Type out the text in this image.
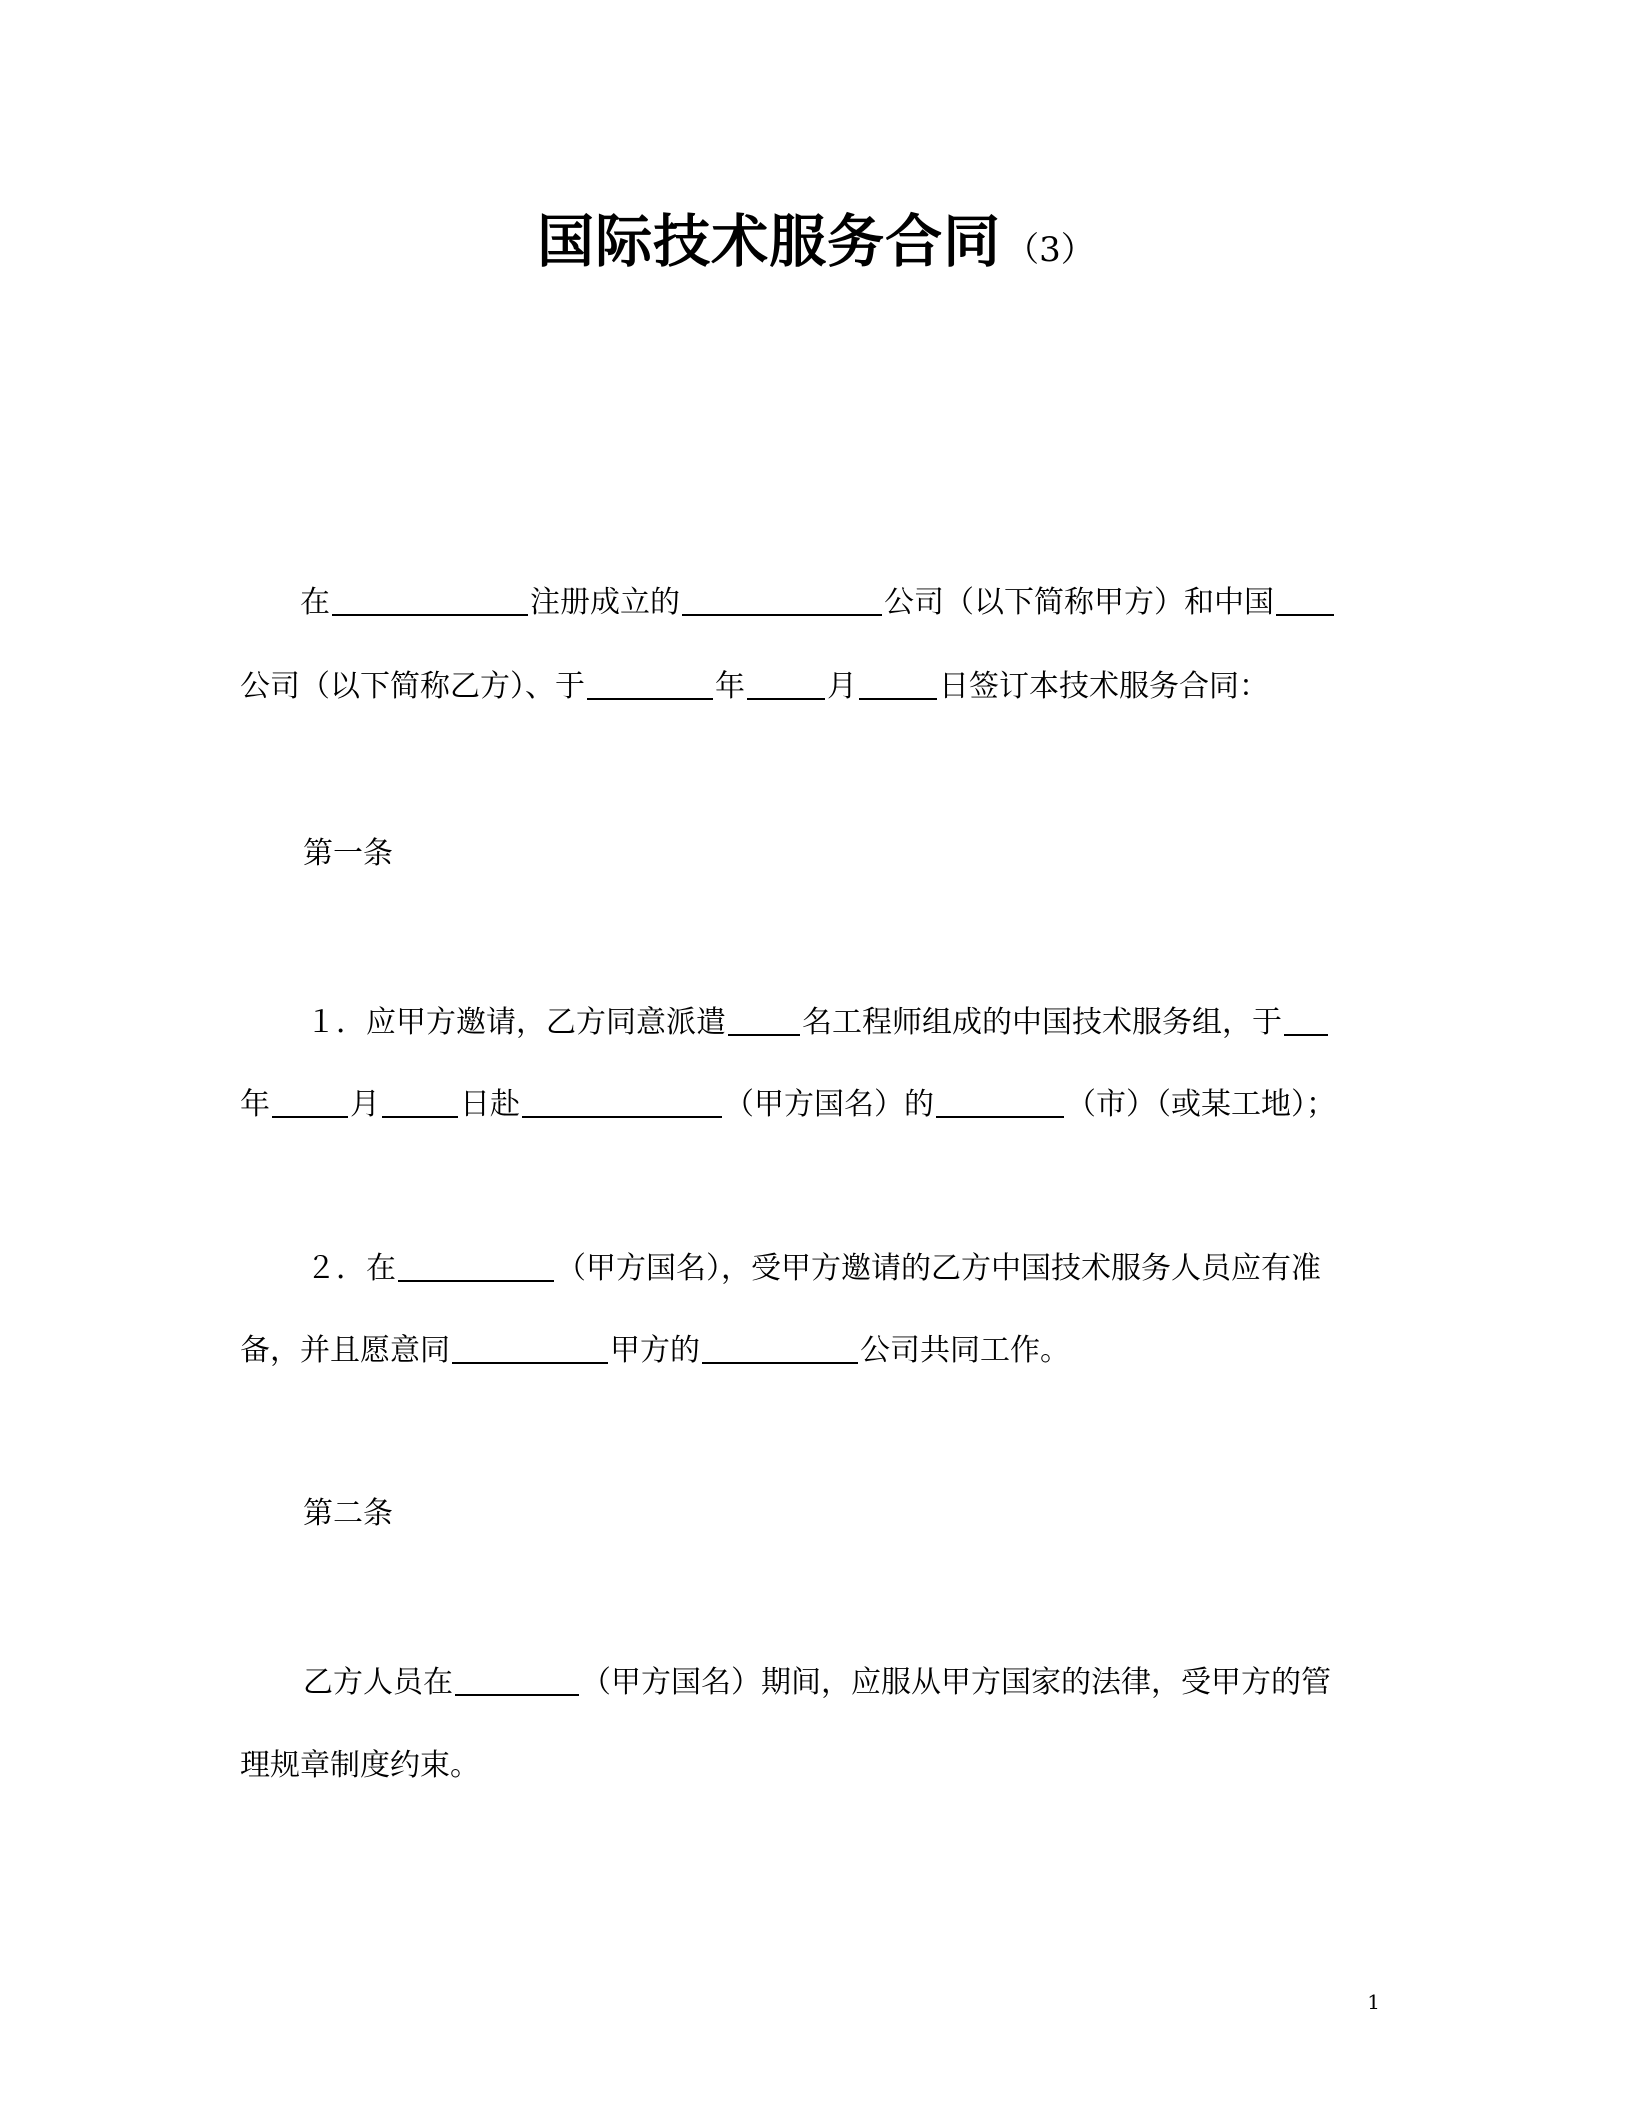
国际技术服务合同 （3）
在	注册成立的	公司（以下简称甲方）和中国
公司（以下简称乙方）、于	年	月	日签订本技术服务合同：
第一条
１．应甲方邀请，乙方同意派遣	名工程师组成的中国技术服务组，于
年	月	日赴	（甲方国名）的	（市）（或某工地）；
２．在	（甲方国名），受甲方邀请的乙方中国技术服务人员应有准
备，并且愿意同	甲方的	公司共同工作。
第二条
乙方人员在	（甲方国名）期间，应服从甲方国家的法律，受甲方的管
理规章制度约束。
1
